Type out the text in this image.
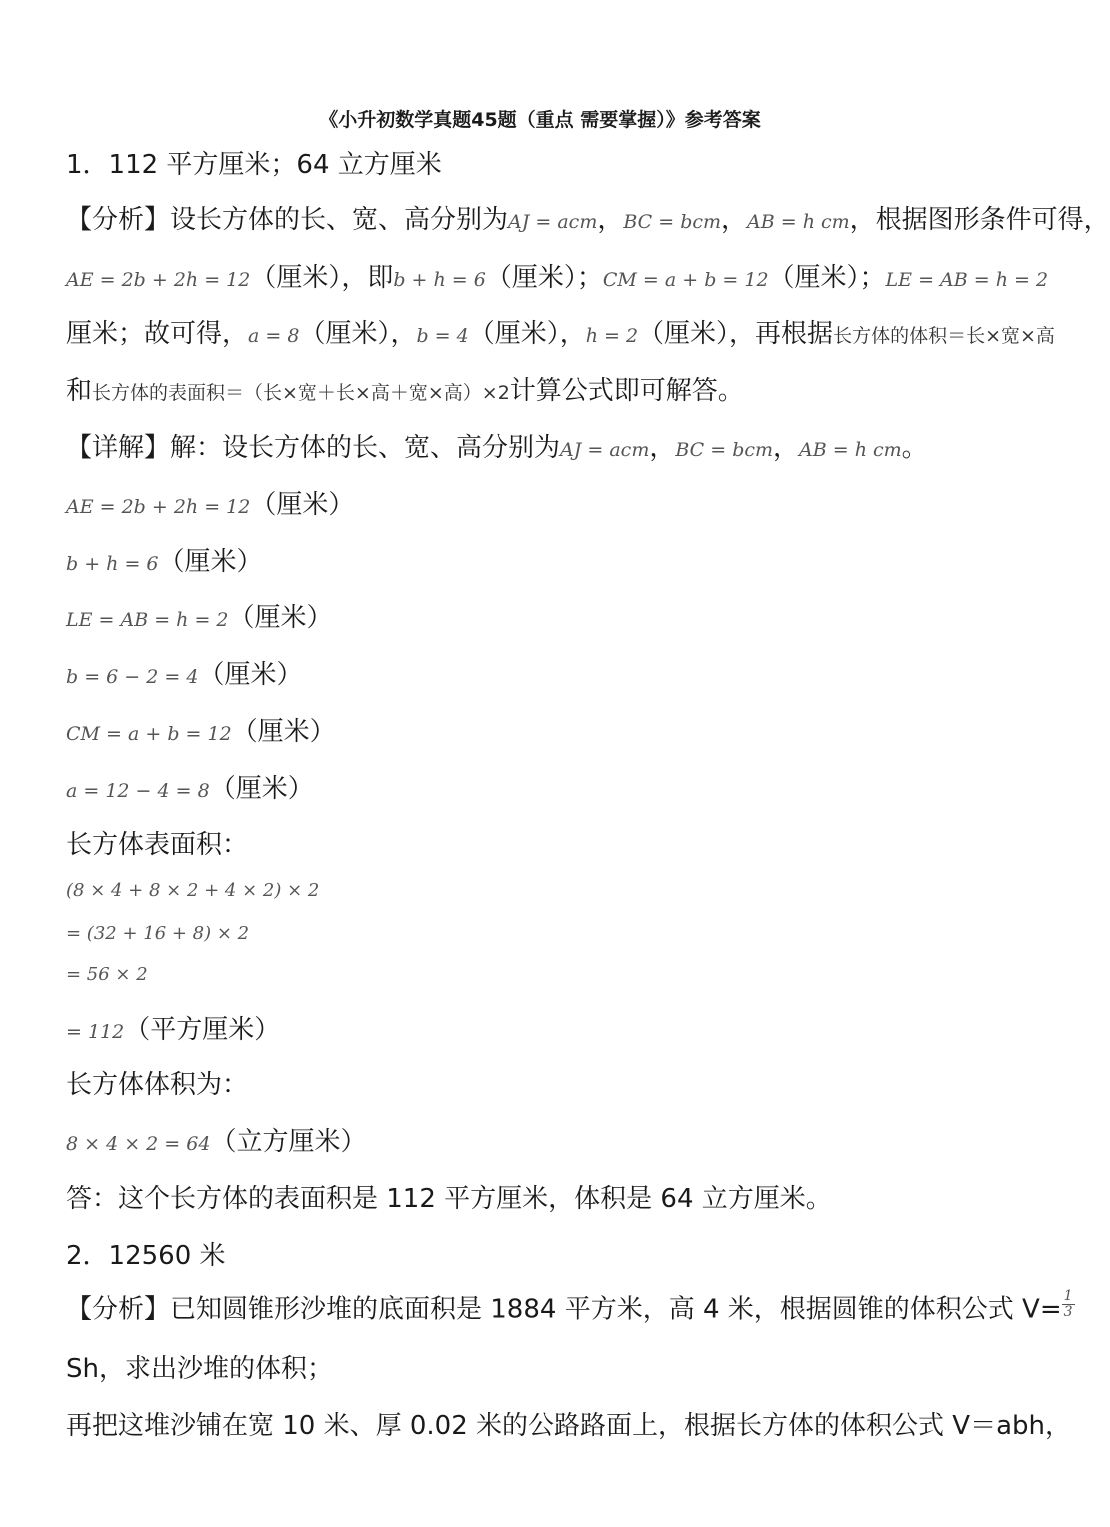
《小升初数学真题45题（重点 需要掌握）》参考答案
1．112 平方厘米；64 立方厘米
【分析】设长方体的长、宽、高分别为AJ = acm，BC = bcm，AB = ℎ cm，根据图形条件可得，
AE = 2b + 2ℎ = 12（厘米），即b + ℎ = 6（厘米）；CM = a + b = 12（厘米）；LE = AB = ℎ = 2
厘米；故可得，a = 8（厘米），b = 4（厘米），ℎ = 2（厘米），再根据长方体的体积＝长×宽×高
和长方体的表面积＝（长×宽＋长×高＋宽×高）×2计算公式即可解答。
【详解】解：设长方体的长、宽、高分别为AJ = acm，BC = bcm，AB = ℎ cm。
AE = 2b + 2ℎ = 12（厘米）
b + ℎ = 6（厘米）
LE = AB = ℎ = 2（厘米）
b = 6 − 2 = 4（厘米）
CM = a + b = 12（厘米）
a = 12 − 4 = 8（厘米）
长方体表面积：
(8 × 4 + 8 × 2 + 4 × 2) × 2
= (32 + 16 + 8) × 2
= 56 × 2
= 112（平方厘米）
长方体体积为：
8 × 4 × 2 = 64（立方厘米）
答：这个长方体的表面积是 112 平方厘米，体积是 64 立方厘米。
2．12560 米
【分析】已知圆锥形沙堆的底面积是 1884 平方米，高 4 米，根据圆锥的体积公式 $V= \frac{1}{3}$
Sh，求出沙堆的体积；
再把这堆沙铺在宽 10 米、厚 0.02 米的公路路面上，根据长方体的体积公式 V＝abh，
